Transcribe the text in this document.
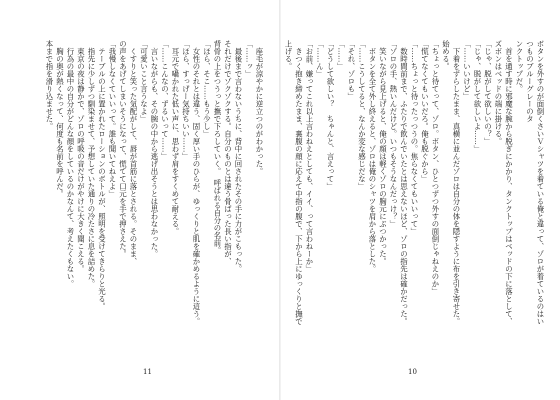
　座毛が涼やかに逆立つのがわかった。

「……ッ」

　最後まで言わないうちに、背中に回されたその手に力がこもった。

それだけでゾクゾクする。自分のものとは違う骨ばった長い指が、

背骨の上をつうっと撫で下ろしていく。　呼ばれる自分の名前。

「ほら、そこ……もう少し」

　女性のそれとは違う、固く厚い手のひらが、ゆっくりと肌を確かめるように這う。

「ほら、すっげー気持ちいい……」

　耳元で囁かれた低い声に、思わず肩をすくめて耐える。

「……こんなの、ずるいって……」

　言いながらも、その腕の中から逃げ出そうとは思わなかった。

「可愛いこと言うなよ」

　くすりと笑った気配がして、唇が首筋に落とされる。そのまま、

の声をあげてしまいそうになって、慌てて口元を手で押さえた。

「我慢しなくていいって。誰も聞いてねえよ」

　テーブルの上に置かれたローションのボトルが、照明を受けてきらりと光る。

　指先に少しずつ馴染ませて、予想していた通りの冷たさに息を詰めた。

　東京の夜は静かで、ゾロの呼吸の音だけがやけに大きく聞こえる。

　行為の最中の自分がどんな顔をしているのかなんて、考えたくもない。

　胸の奥が熱くなって、何度も名前を呼んだ。

本まで指を滑り込ませた。

11

ボタンを外すのが面倒くさいＶシャツを着ている俺と違って、ゾロが着ているのはいつものブルーグレーのタ

ンクトップだ。

　首を通す時に邪魔な腕から脱ぎにかかり、タンクトップはベッドの下に落として、ズボンはベッドの端に掛ける。

「じゃ、脱がして欲しいの？」

「じゃ、脱がして欲しいよ……」

「……いいけど」

　下着をずらしたまま、真横に並んだゾロは自分の体を隠すように布を引き寄せた。

始める。

「ちょっと待てって、ゾロ。ボタン、ひとつずつ外すの面倒じゃねえのか」

「慌てなくてもいいだろ。俺も脱ぐから」

「……ちょっと待ったっつうの。焦らなくてもいいって」

　数時間前まで、ふたりで飲んでいたとは思えないほど、ゾロの指先は確かだった。

「ゾロの手、熱いんだけど。いつもそうなんだっけ？」

　笑いながら見上げると、俺の顔は軽くゾロの胸元にぶつかった。

　ボタンを全て外し終えると、ゾロは俺のシャツを肩から落とした。

「……こうしてると、なんか変な感じだな」

「それ、ゾロも」

「……」

「どうして欲しい？　ちゃんと、言えって」

「……ん」

「お前、嫌ってこれ以上言わねえとしても、イイ、って言わねーか」

　きつく抱き締めたまま、裏腹の顔に応えて中指の腹で、下から上にゆっくりと撫で上げる。

10
